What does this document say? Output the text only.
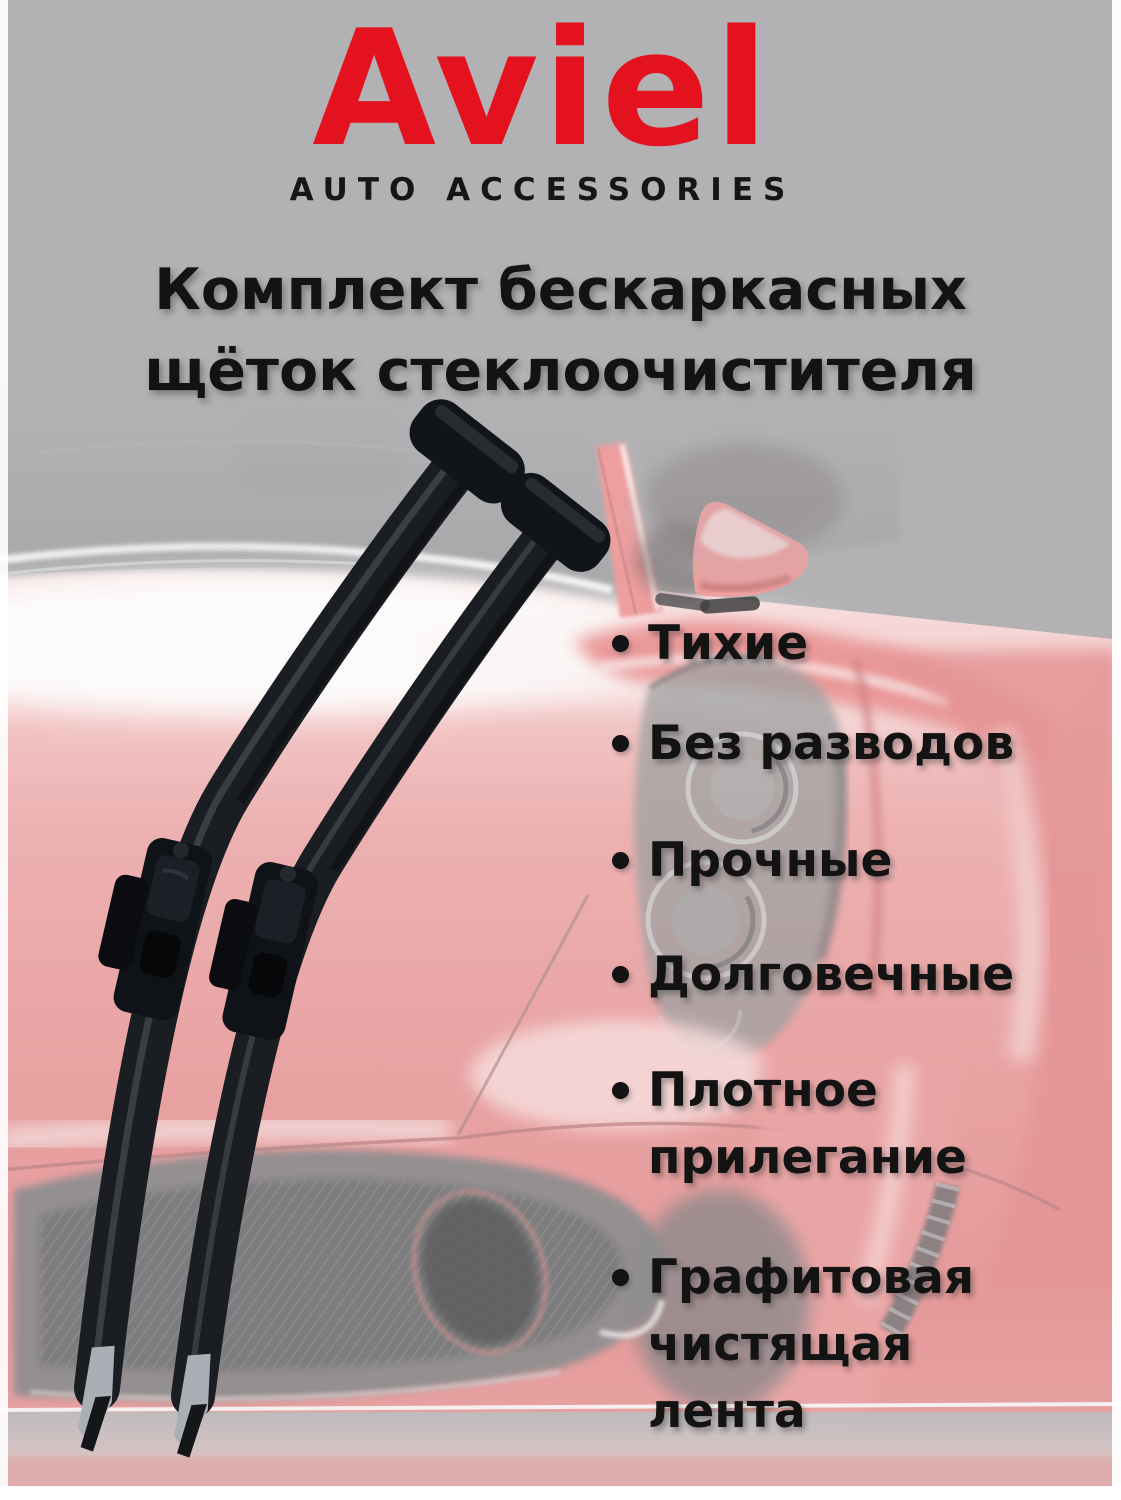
Aviel
AUTO ACCESSORIES
Комплект бескаркасных
щёток стеклоочистителя
Тихие
Без разводов
Прочные
Долговечные
Плотное прилегание
Графитовая чистящая лента
